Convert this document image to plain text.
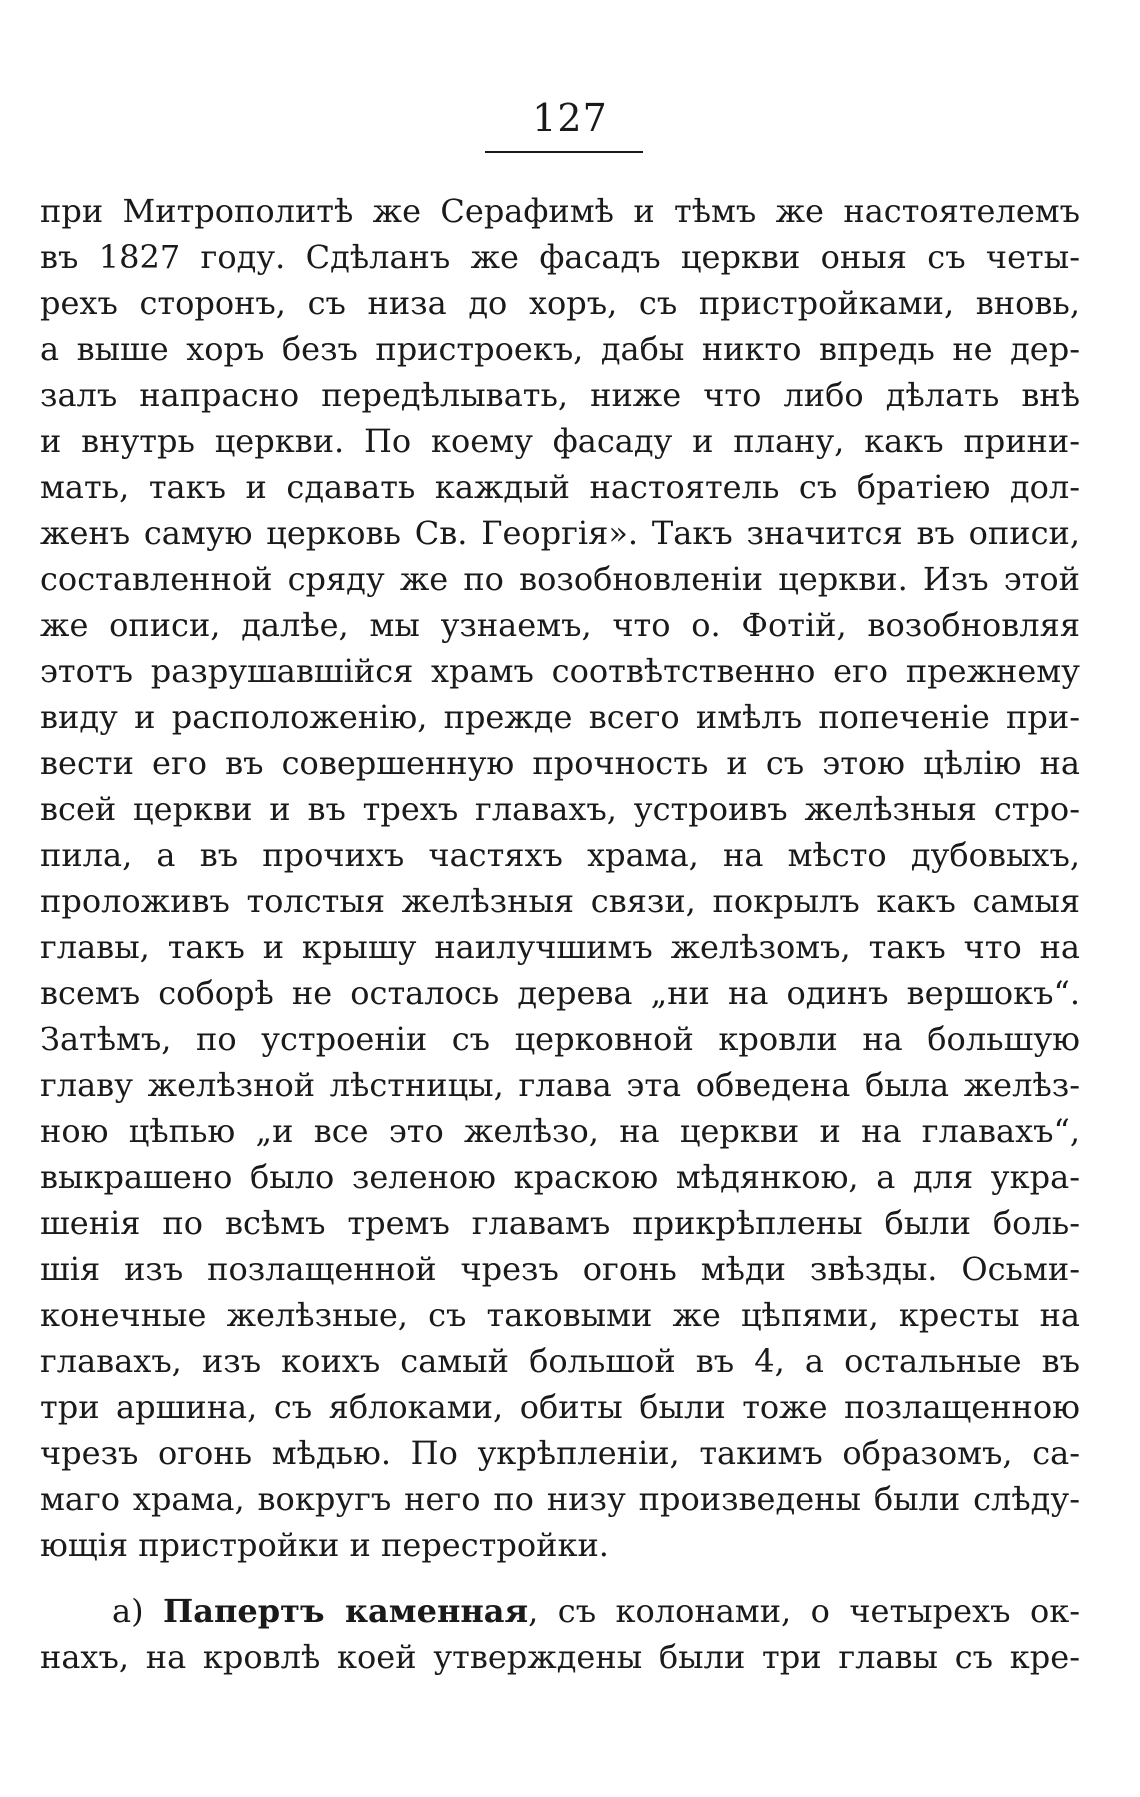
127
при Митрополитѣ же Серафимѣ и тѣмъ же настоятелемъ
въ 1827 году. Сдѣланъ же фасадъ церкви оныя съ четы-
рехъ сторонъ, съ низа до хоръ, съ пристройками, вновь,
а выше хоръ безъ пристроекъ, дабы никто впредь не дер-
залъ напрасно передѣлывать, ниже что либо дѣлать внѣ
и внутрь церкви. По коему фасаду и плану, какъ прини-
мать, такъ и сдавать каждый настоятель съ братіею дол-
женъ самую церковь Св. Георгія». Такъ значится въ описи,
составленной сряду же по возобновленіи церкви. Изъ этой
же описи, далѣе, мы узнаемъ, что о. Фотій, возобновляя
этотъ разрушавшійся храмъ соотвѣтственно его прежнему
виду и расположенію, прежде всего имѣлъ попеченіе при-
вести его въ совершенную прочность и съ этою цѣлію на
всей церкви и въ трехъ главахъ, устроивъ желѣзныя стро-
пила, а въ прочихъ частяхъ храма, на мѣсто дубовыхъ,
проложивъ толстыя желѣзныя связи, покрылъ какъ самыя
главы, такъ и крышу наилучшимъ желѣзомъ, такъ что на
всемъ соборѣ не осталось дерева „ни на одинъ вершокъ“.
Затѣмъ, по устроеніи съ церковной кровли на большую
главу желѣзной лѣстницы, глава эта обведена была желѣз-
ною цѣпью „и все это желѣзо, на церкви и на главахъ“,
выкрашено было зеленою краскою мѣдянкою, а для укра-
шенія по всѣмъ тремъ главамъ прикрѣплены были боль-
шія изъ позлащенной чрезъ огонь мѣди звѣзды. Осьми-
конечные желѣзные, съ таковыми же цѣпями, кресты на
главахъ, изъ коихъ самый большой въ 4, а остальные въ
три аршина, съ яблоками, обиты были тоже позлащенною
чрезъ огонь мѣдью. По укрѣпленіи, такимъ образомъ, са-
маго храма, вокругъ него по низу произведены были слѣду-
ющія пристройки и перестройки.
а) Папертъ каменная, съ колонами, о четырехъ ок-
нахъ, на кровлѣ коей утверждены были три главы съ кре-
